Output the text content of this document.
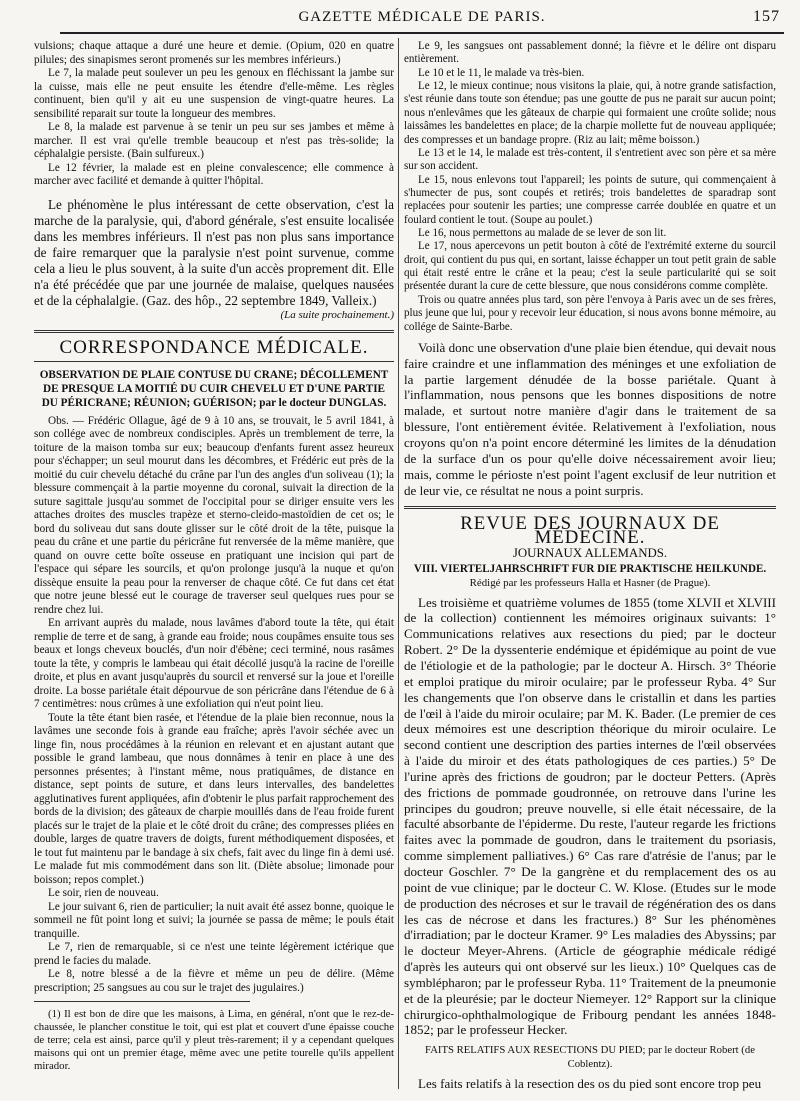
GAZETTE MÉDICALE DE PARIS.	157

vulsions; chaque attaque a duré une heure et demie. (Opium, 020 en quatre pilules; des sinapismes seront promenés sur les membres inférieurs.)

Le 7, la malade peut soulever un peu les genoux en fléchissant la jambe sur la cuisse, mais elle ne peut ensuite les étendre d'elle-même. Les règles continuent, bien qu'il y ait eu une suspension de vingt-quatre heures. La sensibilité reparait sur toute la longueur des membres.

Le 8, la malade est parvenue à se tenir un peu sur ses jambes et même à marcher. Il est vrai qu'elle tremble beaucoup et n'est pas très-solide; la céphalalgie persiste. (Bain sulfureux.)

Le 12 février, la malade est en pleine convalescence; elle commence à marcher avec facilité et demande à quitter l'hôpital.

Le phénomène le plus intéressant de cette observation, c'est la marche de la paralysie, qui, d'abord générale, s'est ensuite localisée dans les membres inférieurs. Il n'est pas non plus sans importance de faire remarquer que la paralysie n'est point survenue, comme cela a lieu le plus souvent, à la suite d'un accès proprement dit. Elle n'a été précédée que par une journée de malaise, quelques nausées et de la céphalalgie. (Gaz. des hôp., 22 septembre 1849, Valleix.)

(La suite prochainement.)
CORRESPONDANCE MÉDICALE.

OBSERVATION DE PLAIE CONTUSE DU CRANE; DÉCOLLEMENT DE PRESQUE LA MOITIÉ DU CUIR CHEVELU ET D'UNE PARTIE DU PÉRICRANE; RÉUNION; GUÉRISON; par le docteur DUNGLAS.

Obs. — Frédéric Ollague, âgé de 9 à 10 ans, se trouvait, le 5 avril 1841, à son collége avec de nombreux condisciples. Après un tremblement de terre, la toiture de la maison tomba sur eux; beaucoup d'enfants furent assez heureux pour s'échapper; un seul mourut dans les décombres, et Frédéric eut près de la moitié du cuir chevelu détaché du crâne par l'un des angles d'un soliveau (1); la blessure commençait à la partie moyenne du coronal, suivait la direction de la suture sagittale jusqu'au sommet de l'occipital pour se diriger ensuite vers les attaches droites des muscles trapèze et sterno-cleido-mastoïdien de cet os; le bord du soliveau dut sans doute glisser sur le côté droit de la tête, puisque la peau du crâne et une partie du péricrâne fut renversée de la même manière, que quand on ouvre cette boîte osseuse en pratiquant une incision qui part de l'espace qui sépare les sourcils, et qu'on prolonge jusqu'à la nuque et qu'on dissèque ensuite la peau pour la renverser de chaque côté. Ce fut dans cet état que notre jeune blessé eut le courage de traverser seul quelques rues pour se rendre chez lui.

En arrivant auprès du malade, nous lavâmes d'abord toute la tête, qui était remplie de terre et de sang, à grande eau froide; nous coupâmes ensuite tous ses beaux et longs cheveux bouclés, d'un noir d'ébène; ceci terminé, nous rasâmes toute la tête, y compris le lambeau qui était décollé jusqu'à la racine de l'oreille droite, et plus en avant jusqu'auprès du sourcil et renversé sur la joue et l'oreille droite. La bosse pariétale était dépourvue de son péricrâne dans l'étendue de 6 à 7 centimètres: nous crûmes à une exfoliation qui n'eut point lieu.

Toute la tête étant bien rasée, et l'étendue de la plaie bien reconnue, nous la lavâmes une seconde fois à grande eau fraîche; après l'avoir séchée avec un linge fin, nous procédâmes à la réunion en relevant et en ajustant autant que possible le grand lambeau, que nous donnâmes à tenir en place à une des personnes présentes; à l'instant même, nous pratiquâmes, de distance en distance, sept points de suture, et dans leurs intervalles, des bandelettes agglutinatives furent appliquées, afin d'obtenir le plus parfait rapprochement des bords de la division; des gâteaux de charpie mouillés dans de l'eau froide furent placés sur le trajet de la plaie et le côté droit du crâne; des compresses pliées en double, larges de quatre travers de doigts, furent méthodiquement disposées, et le tout fut maintenu par le bandage à six chefs, fait avec du linge fin à demi usé. Le malade fut mis commodément dans son lit. (Diète absolue; limonade pour boisson; repos complet.)

Le soir, rien de nouveau.

Le jour suivant 6, rien de particulier; la nuit avait été assez bonne, quoique le sommeil ne fût point long et suivi; la journée se passa de même; le pouls était tranquille.

Le 7, rien de remarquable, si ce n'est une teinte légèrement ictérique que prend le facies du malade.

Le 8, notre blessé a de la fièvre et même un peu de délire. (Même prescription; 25 sangsues au cou sur le trajet des jugulaires.)

(1) Il est bon de dire que les maisons, à Lima, en général, n'ont que le rez-de-chaussée, le plancher constitue le toit, qui est plat et couvert d'une épaisse couche de terre; cela est ainsi, parce qu'il y pleut très-rarement; il y a cependant quelques maisons qui ont un premier étage, même avec une petite tourelle qu'ils appellent mirador.

Le 9, les sangsues ont passablement donné; la fièvre et le délire ont disparu entièrement.

Le 10 et le 11, le malade va très-bien.

Le 12, le mieux continue; nous visitons la plaie, qui, à notre grande satisfaction, s'est réunie dans toute son étendue; pas une goutte de pus ne parait sur aucun point; nous n'enlevâmes que les gâteaux de charpie qui formaient une croûte solide; nous laissâmes les bandelettes en place; de la charpie mollette fut de nouveau appliquée; des compresses et un bandage propre. (Riz au lait; même boisson.)

Le 13 et le 14, le malade est très-content, il s'entretient avec son père et sa mère sur son accident.

Le 15, nous enlevons tout l'appareil; les points de suture, qui commençaient à s'humecter de pus, sont coupés et retirés; trois bandelettes de sparadrap sont replacées pour soutenir les parties; une compresse carrée doublée en quatre et un foulard contient le tout. (Soupe au poulet.)

Le 16, nous permettons au malade de se lever de son lit.

Le 17, nous apercevons un petit bouton à côté de l'extrémité externe du sourcil droit, qui contient du pus qui, en sortant, laisse échapper un tout petit grain de sable qui était resté entre le crâne et la peau; c'est la seule particularité qui se soit présentée durant la cure de cette blessure, que nous considérons comme complète.

Trois ou quatre années plus tard, son père l'envoya à Paris avec un de ses frères, plus jeune que lui, pour y recevoir leur éducation, si nous avons bonne mémoire, au collége de Sainte-Barbe.

Voilà donc une observation d'une plaie bien étendue, qui devait nous faire craindre et une inflammation des méninges et une exfoliation de la partie largement dénudée de la bosse pariétale. Quant à l'inflammation, nous pensons que les bonnes dispositions de notre malade, et surtout notre manière d'agir dans le traitement de sa blessure, l'ont entièrement évitée. Relativement à l'exfoliation, nous croyons qu'on n'a point encore déterminé les limites de la dénudation de la surface d'un os pour qu'elle doive nécessairement avoir lieu; mais, comme le périoste n'est point l'agent exclusif de leur nutrition et de leur vie, ce résultat ne nous a point surpris.

REVUE DES JOURNAUX DE MÉDECINE.
JOURNAUX ALLEMANDS.

VIII. VIERTELJAHRSCHRIFT FUR DIE PRAKTISCHE HEILKUNDE.

Rédigé par les professeurs Halla et Hasner (de Prague).

Les troisième et quatrième volumes de 1855 (tome XLVII et XLVIII de la collection) contiennent les mémoires originaux suivants: 1° Communications relatives aux resections du pied; par le docteur Robert. 2° De la dyssenterie endémique et épidémique au point de vue de l'étiologie et de la pathologie; par le docteur A. Hirsch. 3° Théorie et emploi pratique du miroir oculaire; par le professeur Ryba. 4° Sur les changements que l'on observe dans le cristallin et dans les parties de l'œil à l'aide du miroir oculaire; par M. K. Bader. (Le premier de ces deux mémoires est une description théorique du miroir oculaire. Le second contient une description des parties internes de l'œil observées à l'aide du miroir et des états pathologiques de ces parties.) 5° De l'urine après des frictions de goudron; par le docteur Petters. (Après des frictions de pommade goudronnée, on retrouve dans l'urine les principes du goudron; preuve nouvelle, si elle était nécessaire, de la faculté absorbante de l'épiderme. Du reste, l'auteur regarde les frictions faites avec la pommade de goudron, dans le traitement du psoriasis, comme simplement palliatives.) 6° Cas rare d'atrésie de l'anus; par le docteur Goschler. 7° De la gangrène et du remplacement des os au point de vue clinique; par le docteur C. W. Klose. (Etudes sur le mode de production des nécroses et sur le travail de régénération des os dans les cas de nécrose et dans les fractures.) 8° Sur les phénomènes d'irradiation; par le docteur Kramer. 9° Les maladies des Abyssins; par le docteur Meyer-Ahrens. (Article de géographie médicale rédigé d'après les auteurs qui ont observé sur les lieux.) 10° Quelques cas de symblépharon; par le professeur Ryba. 11° Traitement de la pneumonie et de la pleurésie; par le docteur Niemeyer. 12° Rapport sur la clinique chirurgico-ophthalmologique de Fribourg pendant les années 1848-1852; par le professeur Hecker.

FAITS RELATIFS AUX RESECTIONS DU PIED; par le docteur Robert (de Coblentz).

Les faits relatifs à la resection des os du pied sont encore trop peu
